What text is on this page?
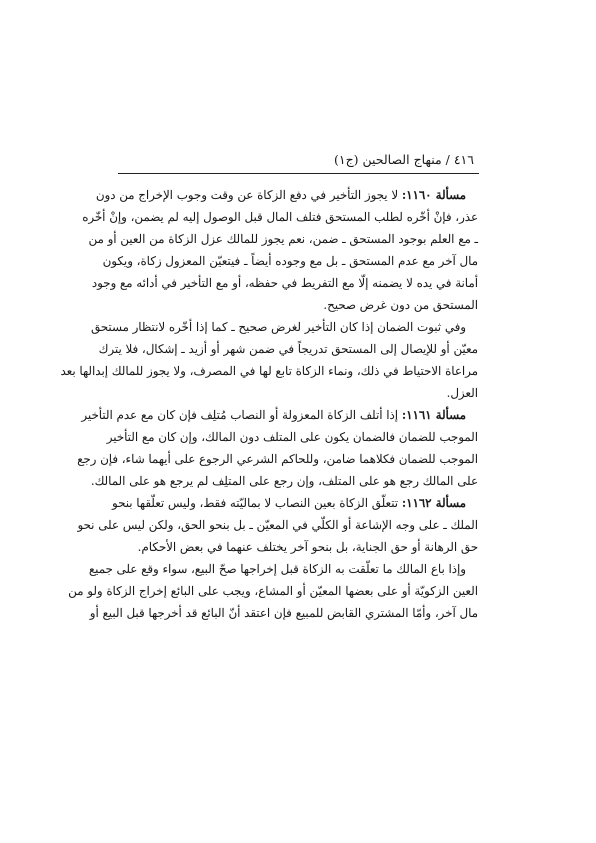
٤١٦ / منهاج الصالحين (ج١)
مسألة ١١٦٠: لا يجوز التأخير في دفع الزكاة عن وقت وجوب الإخراج من دون
عذر، فإنْ أخّره لطلب المستحق فتلف المال قبل الوصول إليه لم يضمن، وإنْ أخّره
ـ مع العلم بوجود المستحق ـ ضمن، نعم يجوز للمالك عزل الزكاة من العين أو من
مال آخر مع عدم المستحق ـ بل مع وجوده أيضاً ـ فيتعيّن المعزول زكاة، ويكون
أمانة في يده لا يضمنه إلّا مع التفريط في حفظه، أو مع التأخير في أدائه مع وجود
المستحق من دون غرض صحيح.
وفي ثبوت الضمان إذا كان التأخير لغرض صحيح ـ كما إذا أخّره لانتظار مستحق
معيّن أو للإيصال إلى المستحق تدريجاً في ضمن شهر أو أزيد ـ إشكال، فلا يترك
مراعاة الاحتياط في ذلك، ونماء الزكاة تابع لها في المصرف، ولا يجوز للمالك إبدالها بعد
العزل.
مسألة ١١٦١: إذا أتلف الزكاة المعزولة أو النصاب مُتلِف فإن كان مع عدم التأخير
الموجب للضمان فالضمان يكون على المتلف دون المالك، وإن كان مع التأخير
الموجب للضمان فكلاهما ضامن، وللحاكم الشرعي الرجوع على أيهما شاء، فإن رجع
على المالك رجع هو على المتلف، وإن رجع على المتلِف لم يرجع هو على المالك.
مسألة ١١٦٢: تتعلّق الزكاة بعين النصاب لا بماليّته فقط، وليس تعلّقها بنحو
الملك ـ على وجه الإشاعة أو الكلّي في المعيّن ـ بل بنحو الحق، ولكن ليس على نحو
حق الرهانة أو حق الجناية، بل بنحو آخر يختلف عنهما في بعض الأحكام.
وإذا باع المالك ما تعلّقت به الزكاة قبل إخراجها صحّ البيع، سواء وقع على جميع
العين الزكويّة أو على بعضها المعيّن أو المشاع، ويجب على البائع إخراج الزكاة ولو من
مال آخر، وأمّا المشتري القابض للمبيع فإن اعتقد أنّ البائع قد أخرجها قبل البيع أو
